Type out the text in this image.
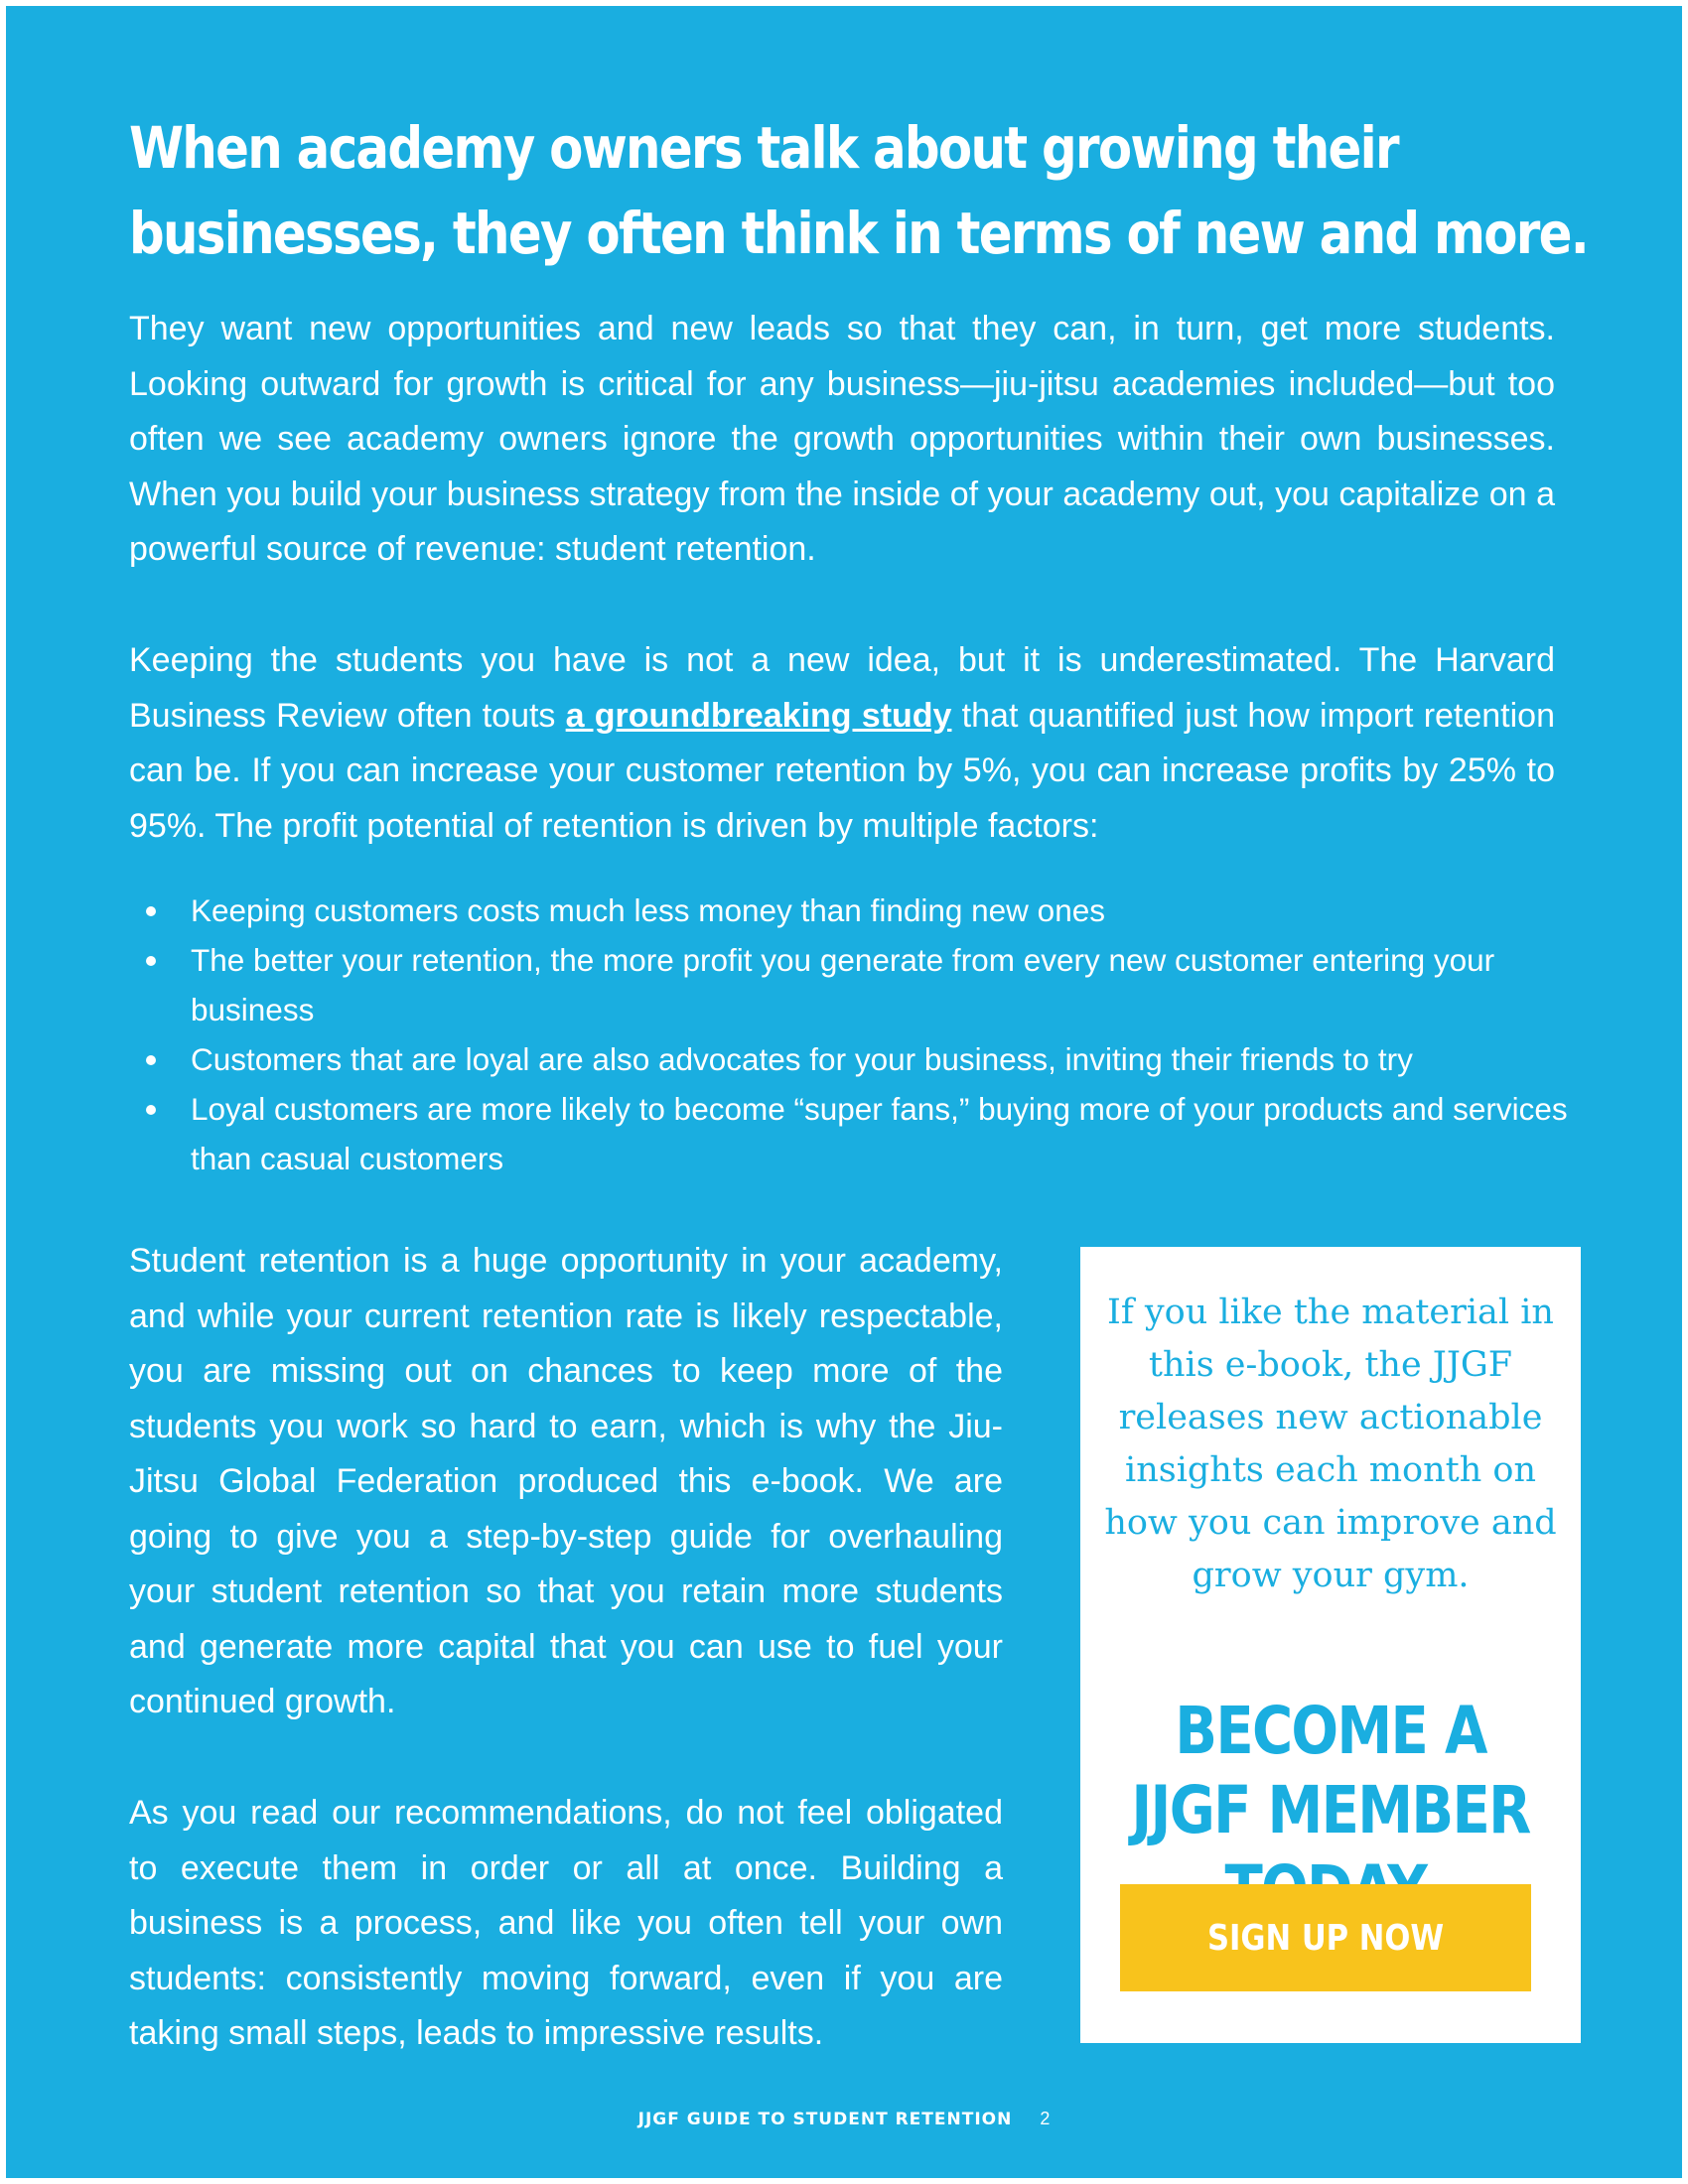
When academy owners talk about growing their
businesses, they often think in terms of new and more.

They want new opportunities and new leads so that they can, in turn, get more students. Looking outward for growth is critical for any business—jiu-jitsu academies included—but too often we see academy owners ignore the growth opportunities within their own businesses. When you build your business strategy from the inside of your academy out, you capitalize on a powerful source of revenue: student retention.

Keeping the students you have is not a new idea, but it is underestimated. The Harvard Business Review often touts a groundbreaking study that quantified just how import retention can be. If you can increase your customer retention by 5%, you can increase profits by 25% to 95%. The profit potential of retention is driven by multiple factors:

Keeping customers costs much less money than finding new ones
The better your retention, the more profit you generate from every new customer entering your business
Customers that are loyal are also advocates for your business, inviting their friends to try
Loyal customers are more likely to become “super fans,” buying more of your products and services than casual customers

Student retention is a huge opportunity in your academy, and while your current retention rate is likely respectable, you are missing out on chances to keep more of the students you work so hard to earn, which is why the Jiu-Jitsu Global Federation produced this e-book. We are going to give you a step-by-step guide for overhauling your student retention so that you retain more students and generate more capital that you can use to fuel your continued growth.

As you read our recommendations, do not feel obligated to execute them in order or all at once. Building a business is a process, and like you often tell your own students: consistently moving forward, even if you are taking small steps, leads to impressive results.

If you like the material in this e-book, the JJGF releases new actionable insights each month on how you can improve and grow your gym.

BECOME A JJGF MEMBER

SIGN UP NOW
JJGF GUIDE TO STUDENT RETENTION 2
